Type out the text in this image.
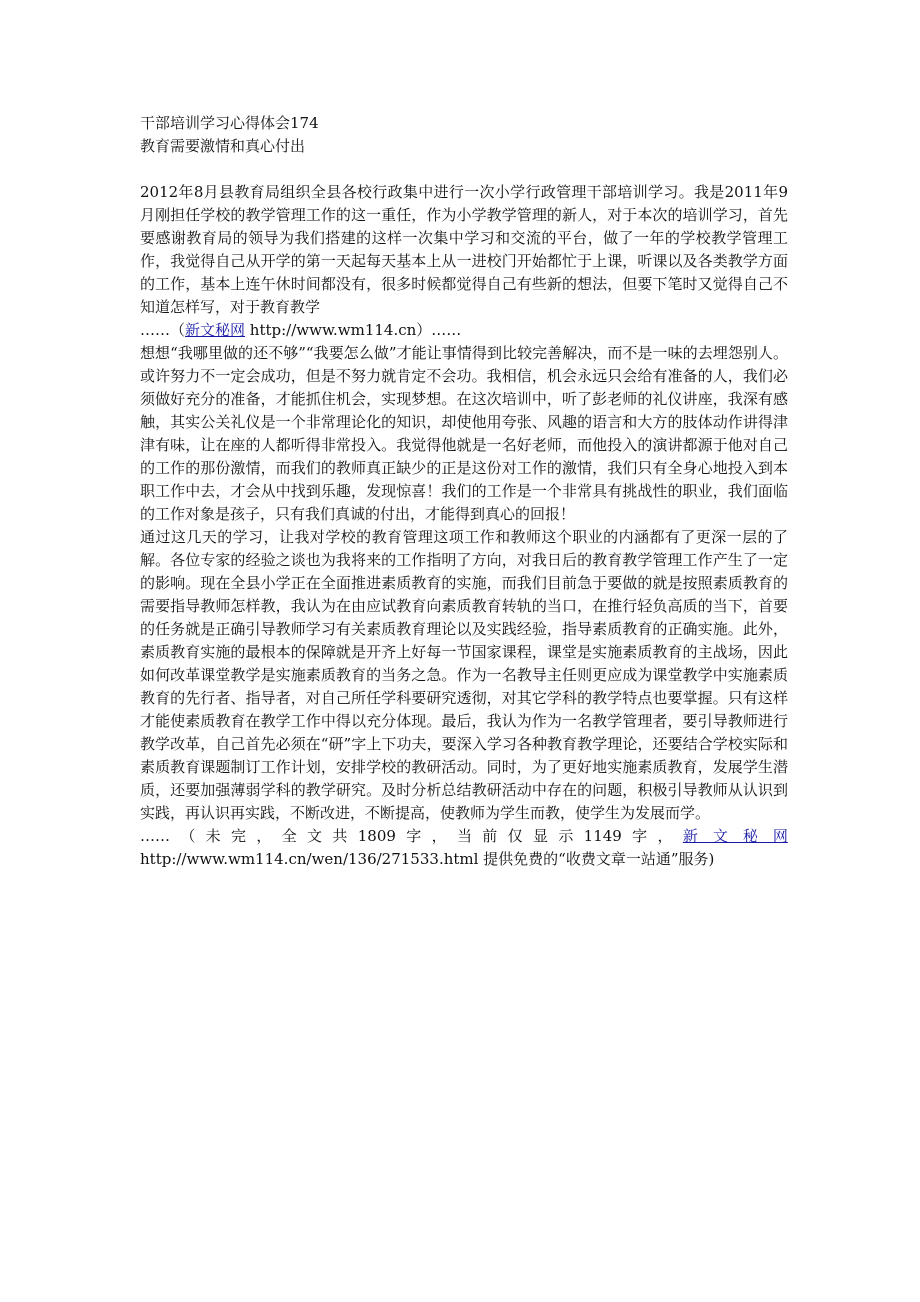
干部培训学习心得体会174

教育需要激情和真心付出

2012年8月县教育局组织全县各校行政集中进行一次小学行政管理干部培训学习。我是2011年9月刚担任学校的教学管理工作的这一重任，作为小学教学管理的新人，对于本次的培训学习，首先要感谢教育局的领导为我们搭建的这样一次集中学习和交流的平台，做了一年的学校教学管理工作，我觉得自己从开学的第一天起每天基本上从一进校门开始都忙于上课，听课以及各类教学方面的工作，基本上连午休时间都没有，很多时候都觉得自己有些新的想法，但要下笔时又觉得自己不知道怎样写，对于教育教学

……（新文秘网 http://www.wm114.cn）……

想想“我哪里做的还不够”“我要怎么做”才能让事情得到比较完善解决，而不是一味的去埋怨别人。或许努力不一定会成功，但是不努力就肯定不会功。我相信，机会永远只会给有准备的人，我们必须做好充分的准备，才能抓住机会，实现梦想。在这次培训中，听了彭老师的礼仪讲座，我深有感触，其实公关礼仪是一个非常理论化的知识，却使他用夸张、风趣的语言和大方的肢体动作讲得津津有味，让在座的人都听得非常投入。我觉得他就是一名好老师，而他投入的演讲都源于他对自己的工作的那份激情，而我们的教师真正缺少的正是这份对工作的激情，我们只有全身心地投入到本职工作中去，才会从中找到乐趣，发现惊喜！我们的工作是一个非常具有挑战性的职业，我们面临的工作对象是孩子，只有我们真诚的付出，才能得到真心的回报！

通过这几天的学习，让我对学校的教育管理这项工作和教师这个职业的内涵都有了更深一层的了解。各位专家的经验之谈也为我将来的工作指明了方向，对我日后的教育教学管理工作产生了一定的影响。现在全县小学正在全面推进素质教育的实施，而我们目前急于要做的就是按照素质教育的需要指导教师怎样教，我认为在由应试教育向素质教育转轨的当口，在推行轻负高质的当下，首要的任务就是正确引导教师学习有关素质教育理论以及实践经验，指导素质教育的正确实施。此外，素质教育实施的最根本的保障就是开齐上好每一节国家课程，课堂是实施素质教育的主战场，因此如何改革课堂教学是实施素质教育的当务之急。作为一名教导主任则更应成为课堂教学中实施素质教育的先行者、指导者，对自己所任学科要研究透彻，对其它学科的教学特点也要掌握。只有这样才能使素质教育在教学工作中得以充分体现。最后，我认为作为一名教学管理者，要引导教师进行教学改革，自己首先必须在“研”字上下功夫，要深入学习各种教育教学理论，还要结合学校实际和素质教育课题制订工作计划，安排学校的教研活动。同时，为了更好地实施素质教育，发展学生潜质，还要加强薄弱学科的教学研究。及时分析总结教研活动中存在的问题，积极引导教师从认识到实践，再认识再实践，不断改进，不断提高，使教师为学生而教，使学生为发展而学。

…… （ 未 完 ， 全 文 共 1809 字 ， 当 前 仅 显 示 1149 字 ， 新　文　秘　网

http://www.wm114.cn/wen/136/271533.html 提供免费的“收费文章一站通”服务)
